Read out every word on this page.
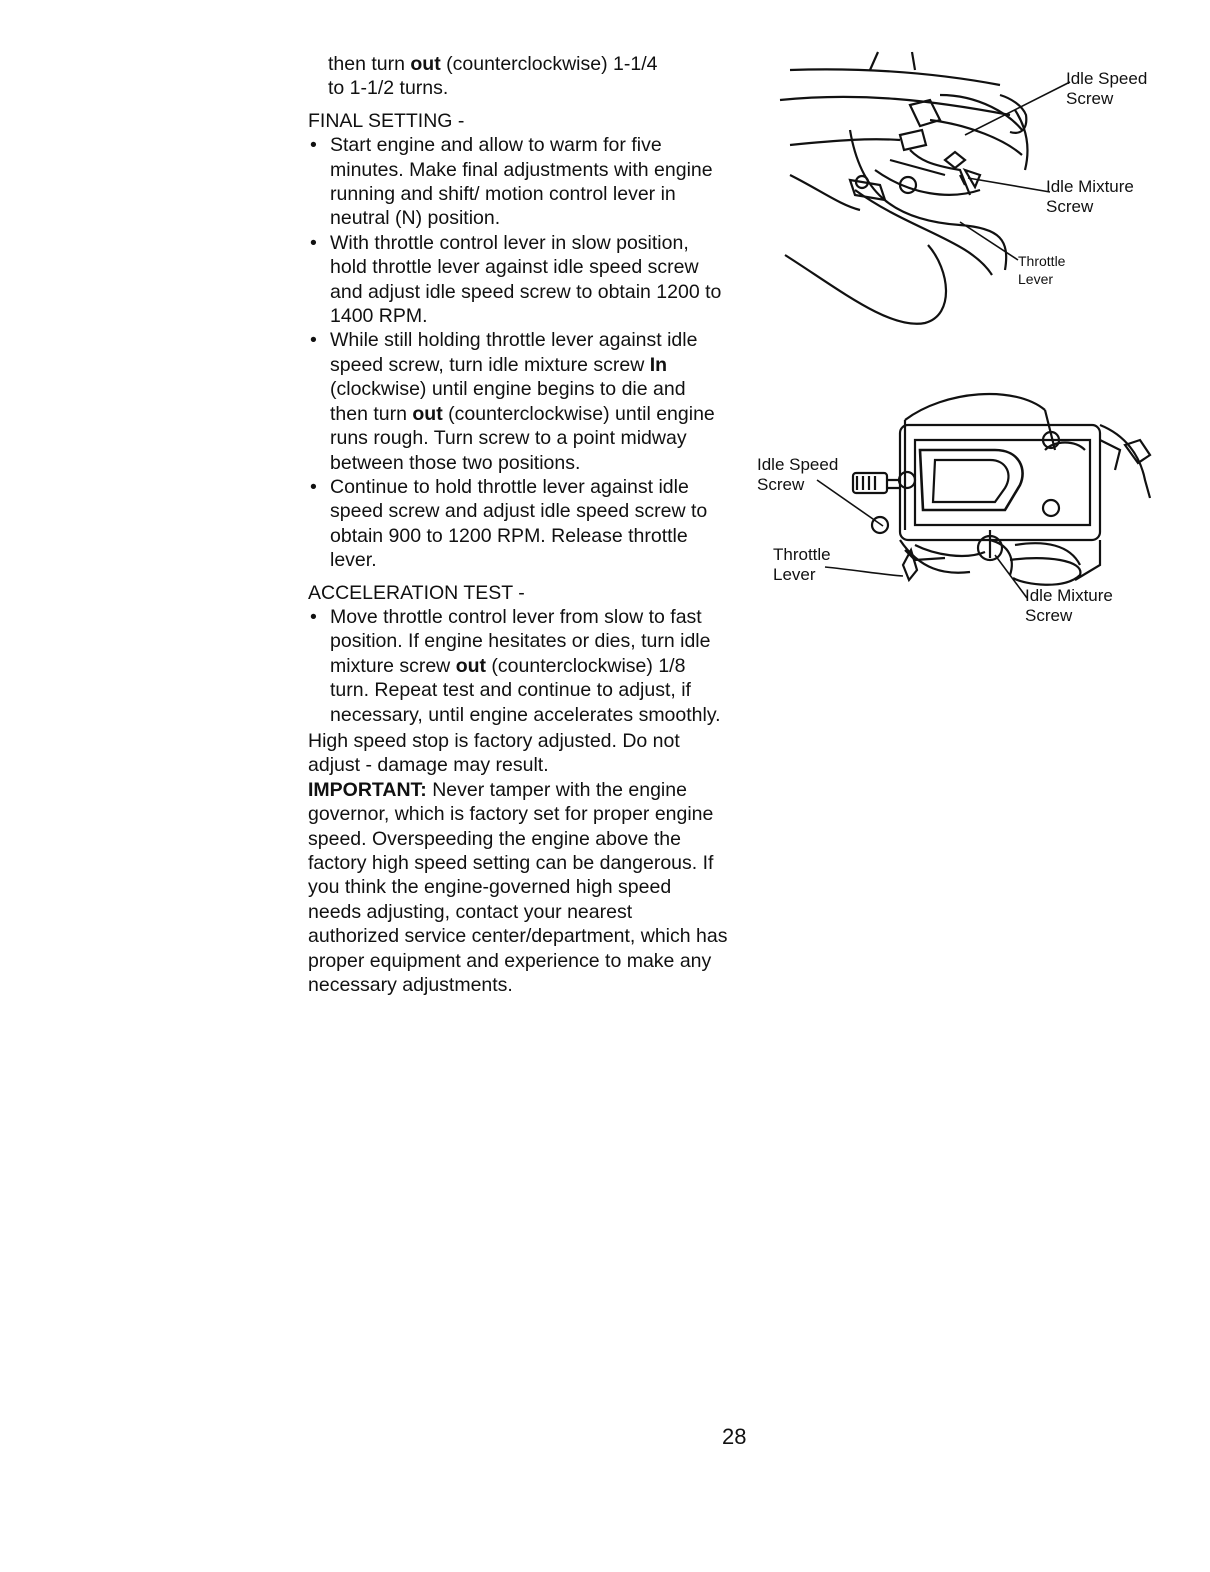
then turn out (counterclockwise) 1-1/4
to 1-1/2 turns.

FINAL SETTING -

• Start engine and allow to warm for five minutes. Make final adjustments with engine running and shift/ motion control lever in neutral (N) position.
• With throttle control lever in slow position, hold throttle lever against idle speed screw and adjust idle speed screw to obtain 1200 to 1400 RPM.
• While still holding throttle lever against idle speed screw, turn idle mixture screw In (clockwise) until engine begins to die and then turn out (counterclockwise) until engine runs rough. Turn screw to a point midway between those two positions.
• Continue to hold throttle lever against idle speed screw and adjust idle speed screw to obtain 900 to 1200 RPM. Release throttle lever.

ACCELERATION TEST -

• Move throttle control lever from slow to fast position. If engine hesitates or dies, turn idle mixture screw out (counterclockwise) 1/8 turn. Repeat test and continue to adjust, if necessary, until engine accelerates smoothly.

High speed stop is factory adjusted. Do not adjust - damage may result.

IMPORTANT: Never tamper with the engine governor, which is factory set for proper engine speed. Overspeeding the engine above the factory high speed setting can be dangerous. If you think the engine-governed high speed needs adjusting, contact your nearest authorized service center/department, which has proper equipment and experience to make any necessary adjustments.

Idle Speed
Screw
Idle Mixture
Screw
Throttle
Lever
Idle Speed
Screw
Throttle
Lever
Idle Mixture
Screw
28
